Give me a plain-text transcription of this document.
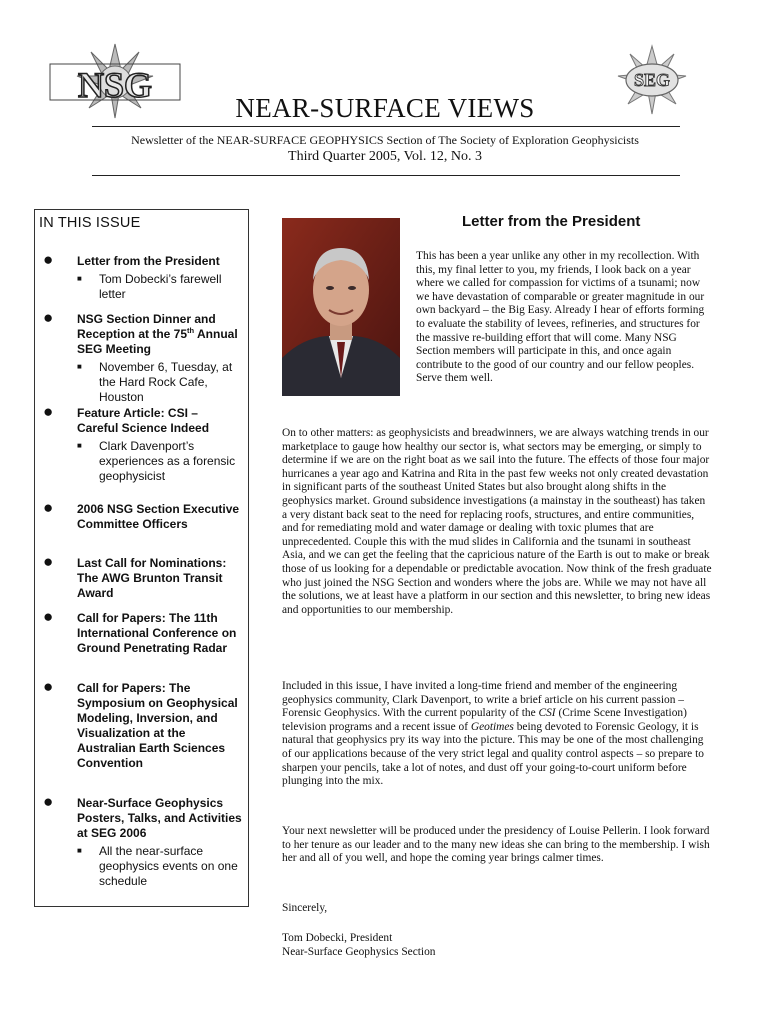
NSG	SEG
NEAR-SURFACE VIEWS
Newsletter of the NEAR-SURFACE GEOPHYSICS Section of The Society of Exploration Geophysicists
Third Quarter 2005, Vol. 12, No. 3
IN THIS ISSUE
● Letter from the President
■ Tom Dobecki’s farewell letter
● NSG Section Dinner and Reception at the 75th Annual SEG Meeting
■ November 6, Tuesday, at the Hard Rock Cafe, Houston
● Feature Article: CSI – Careful Science Indeed
■ Clark Davenport’s experiences as a forensic geophysicist
● 2006 NSG Section Executive Committee Officers
● Last Call for Nominations: The AWG Brunton Transit Award
● Call for Papers: The 11th International Conference on Ground Penetrating Radar
● Call for Papers: The Symposium on Geophysical Modeling, Inversion, and Visualization at the Australian Earth Sciences Convention
● Near-Surface Geophysics Posters, Talks, and Activities at SEG 2006
■ All the near-surface geophysics events on one schedule
Letter from the President
This has been a year unlike any other in my recollection. With this, my final letter to you, my friends, I look back on a year where we called for compassion for victims of a tsunami; now we have devastation of comparable or greater magnitude in our own backyard – the Big Easy. Already I hear of efforts forming to evaluate the stability of levees, refineries, and structures for the massive re-building effort that will come. Many NSG Section members will participate in this, and once again contribute to the good of our country and our fellow peoples. Serve them well.
On to other matters: as geophysicists and breadwinners, we are always watching trends in our marketplace to gauge how healthy our sector is, what sectors may be emerging, or simply to determine if we are on the right boat as we sail into the future. The effects of those four major hurricanes a year ago and Katrina and Rita in the past few weeks not only created devastation in significant parts of the southeast United States but also brought along shifts in the geophysics market. Ground subsidence investigations (a mainstay in the southeast) has taken a very distant back seat to the need for replacing roofs, structures, and entire communities, and for remediating mold and water damage or dealing with toxic plumes that are unprecedented. Couple this with the mud slides in California and the tsunami in southeast Asia, and we can get the feeling that the capricious nature of the Earth is out to make or break those of us looking for a dependable or predictable avocation. Now think of the fresh graduate who just joined the NSG Section and wonders where the jobs are. While we may not have all the solutions, we at least have a platform in our section and this newsletter, to bring new ideas and opportunities to our membership.
Included in this issue, I have invited a long-time friend and member of the engineering geophysics community, Clark Davenport, to write a brief article on his current passion – Forensic Geophysics. With the current popularity of the CSI (Crime Scene Investigation) television programs and a recent issue of Geotimes being devoted to Forensic Geology, it is natural that geophysics pry its way into the picture. This may be one of the most challenging of our applications because of the very strict legal and quality control aspects – so prepare to sharpen your pencils, take a lot of notes, and dust off your going-to-court uniform before plunging into the mix.
Your next newsletter will be produced under the presidency of Louise Pellerin. I look forward to her tenure as our leader and to the many new ideas she can bring to the membership. I wish her and all of you well, and hope the coming year brings calmer times.
Sincerely,
Tom Dobecki, President
Near-Surface Geophysics Section
